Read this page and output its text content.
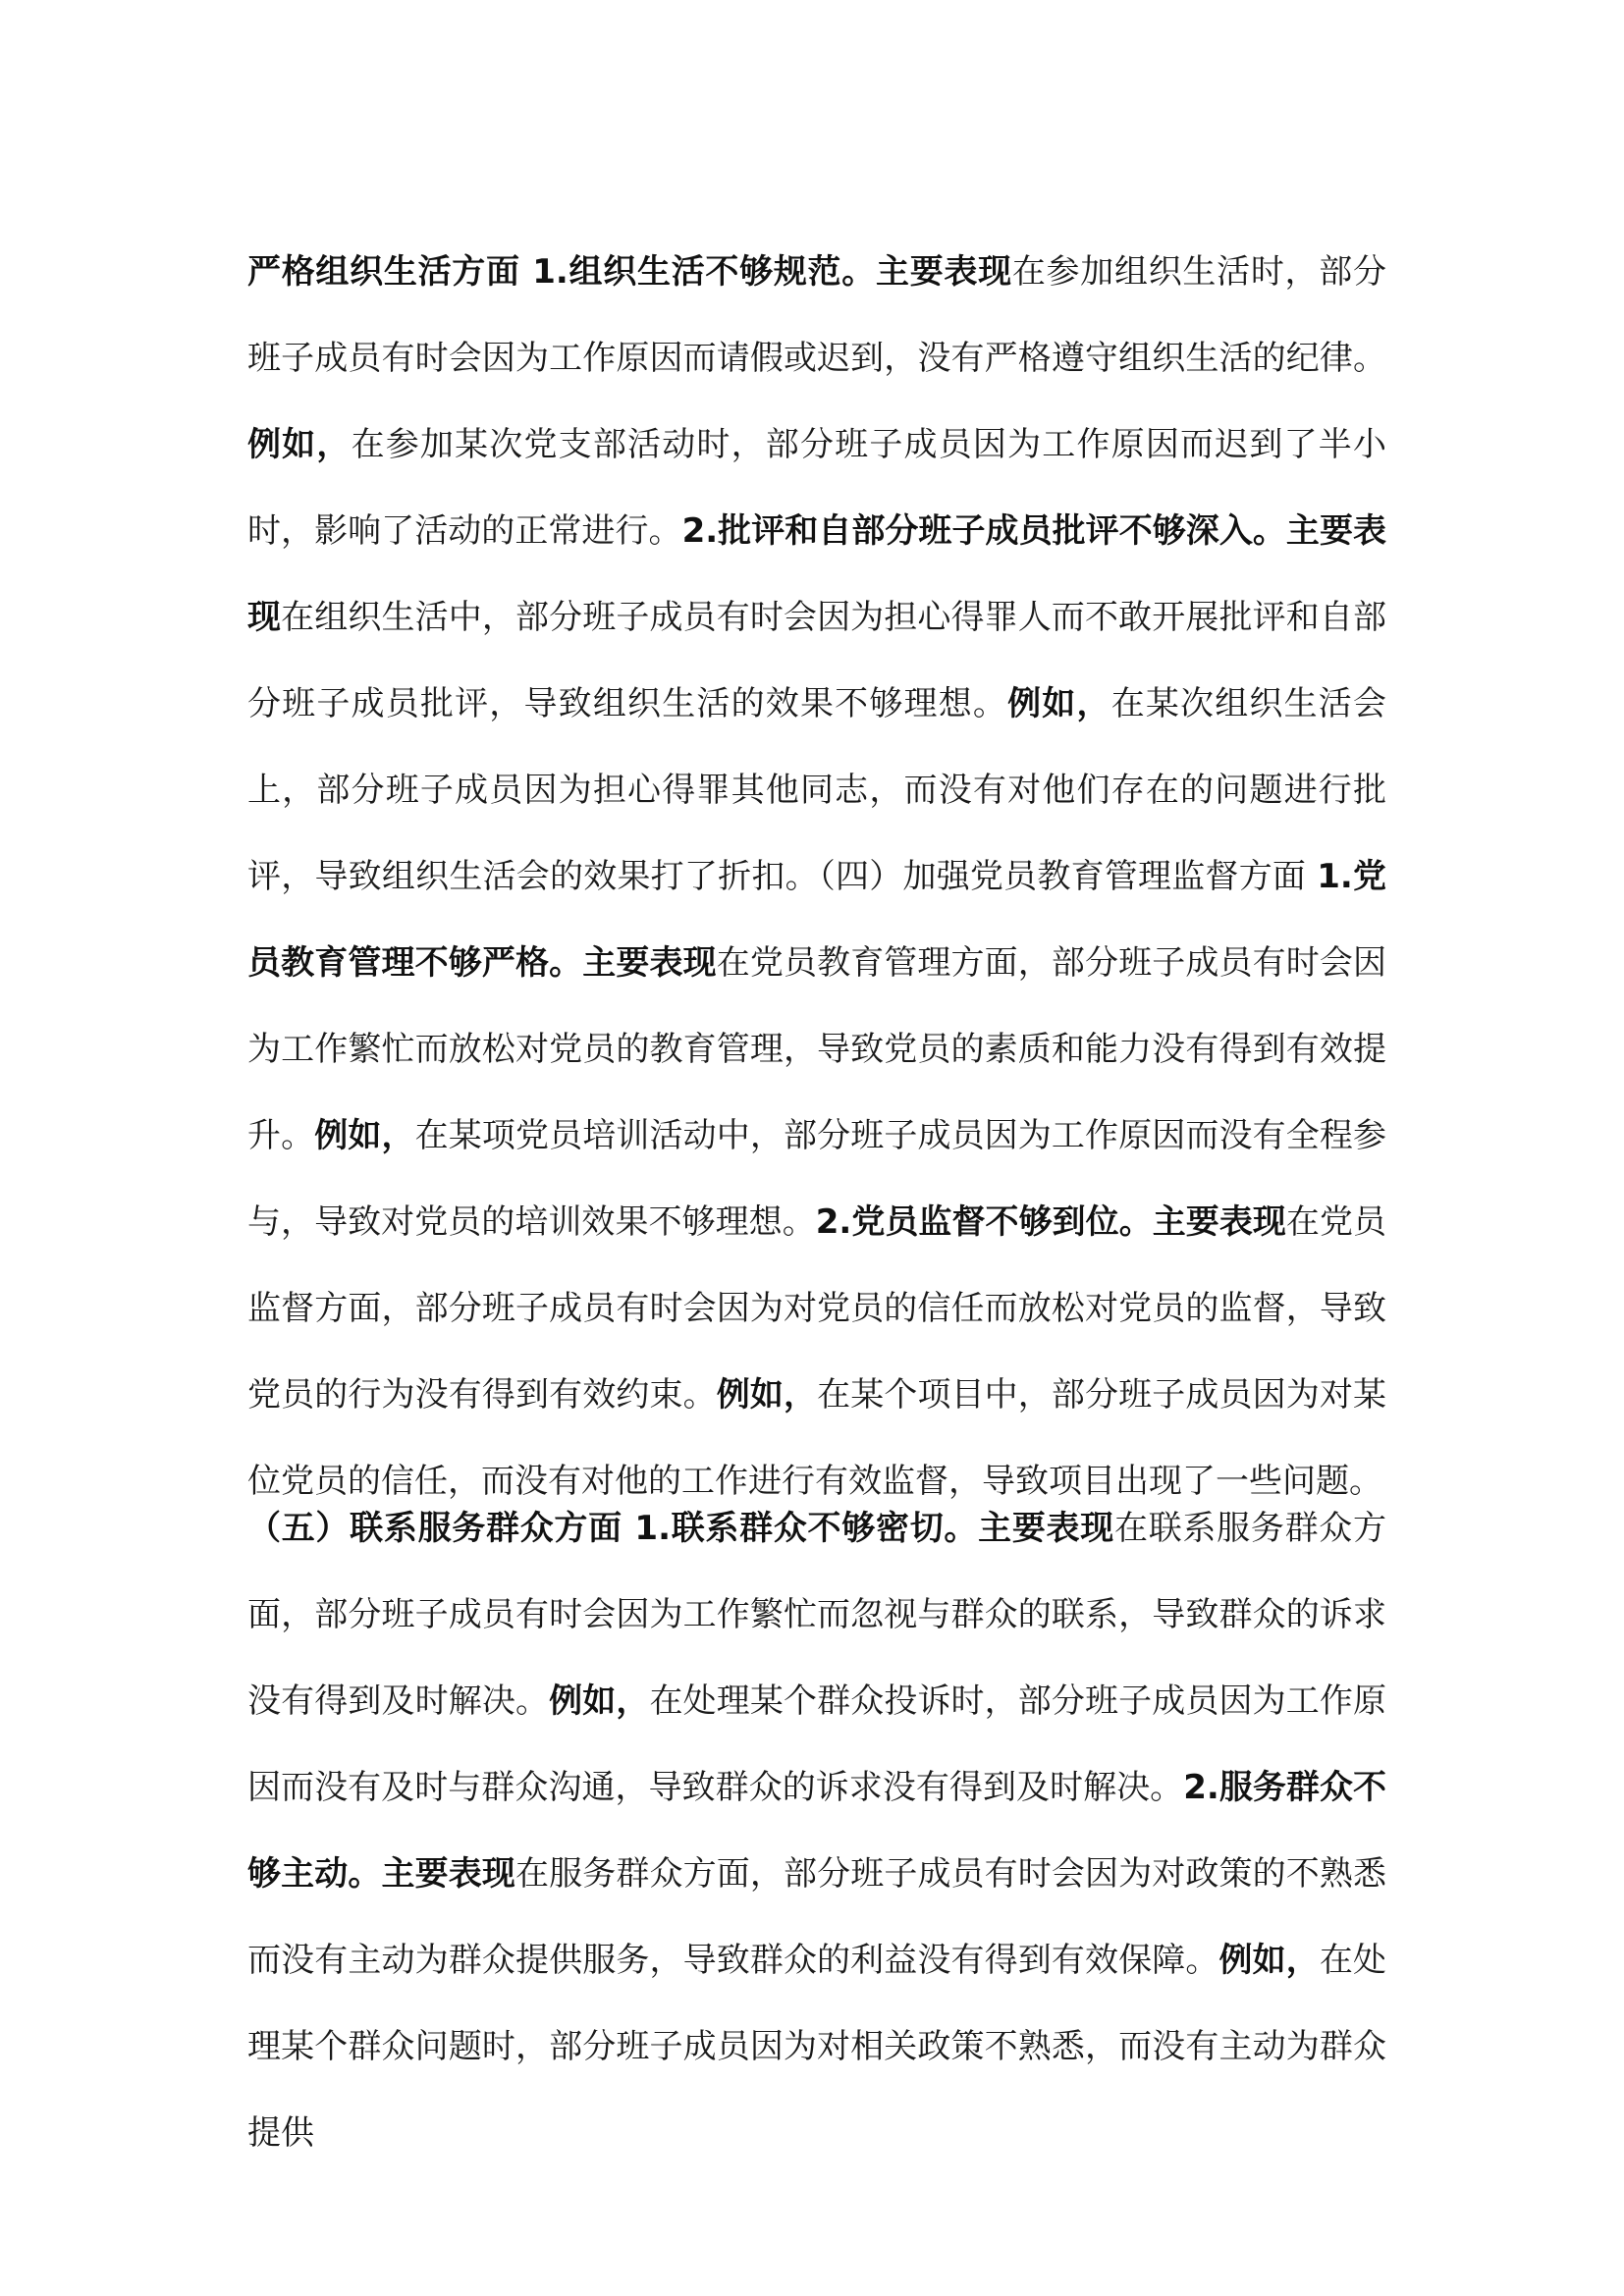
严格组织生活方面 1.组织生活不够规范。主要表现在参加组织生活时，部分班子成员有时会因为工作原因而请假或迟到，没有严格遵守组织生活的纪律。例如，在参加某次党支部活动时，部分班子成员因为工作原因而迟到了半小时，影响了活动的正常进行。2.批评和自部分班子成员批评不够深入。主要表现在组织生活中，部分班子成员有时会因为担心得罪人而不敢开展批评和自部分班子成员批评，导致组织生活的效果不够理想。例如，在某次组织生活会上，部分班子成员因为担心得罪其他同志，而没有对他们存在的问题进行批评，导致组织生活会的效果打了折扣。（四）加强党员教育管理监督方面 1.党员教育管理不够严格。主要表现在党员教育管理方面，部分班子成员有时会因为工作繁忙而放松对党员的教育管理，导致党员的素质和能力没有得到有效提升。例如，在某项党员培训活动中，部分班子成员因为工作原因而没有全程参与，导致对党员的培训效果不够理想。2.党员监督不够到位。主要表现在党员监督方面，部分班子成员有时会因为对党员的信任而放松对党员的监督，导致党员的行为没有得到有效约束。例如，在某个项目中，部分班子成员因为对某位党员的信任，而没有对他的工作进行有效监督，导致项目出现了一些问题。

（五）联系服务群众方面 1.联系群众不够密切。主要表现在联系服务群众方面，部分班子成员有时会因为工作繁忙而忽视与群众的联系，导致群众的诉求没有得到及时解决。例如，在处理某个群众投诉时，部分班子成员因为工作原因而没有及时与群众沟通，导致群众的诉求没有得到及时解决。2.服务群众不够主动。主要表现在服务群众方面，部分班子成员有时会因为对政策的不熟悉而没有主动为群众提供服务，导致群众的利益没有得到有效保障。例如，在处理某个群众问题时，部分班子成员因为对相关政策不熟悉，而没有主动为群众提供
